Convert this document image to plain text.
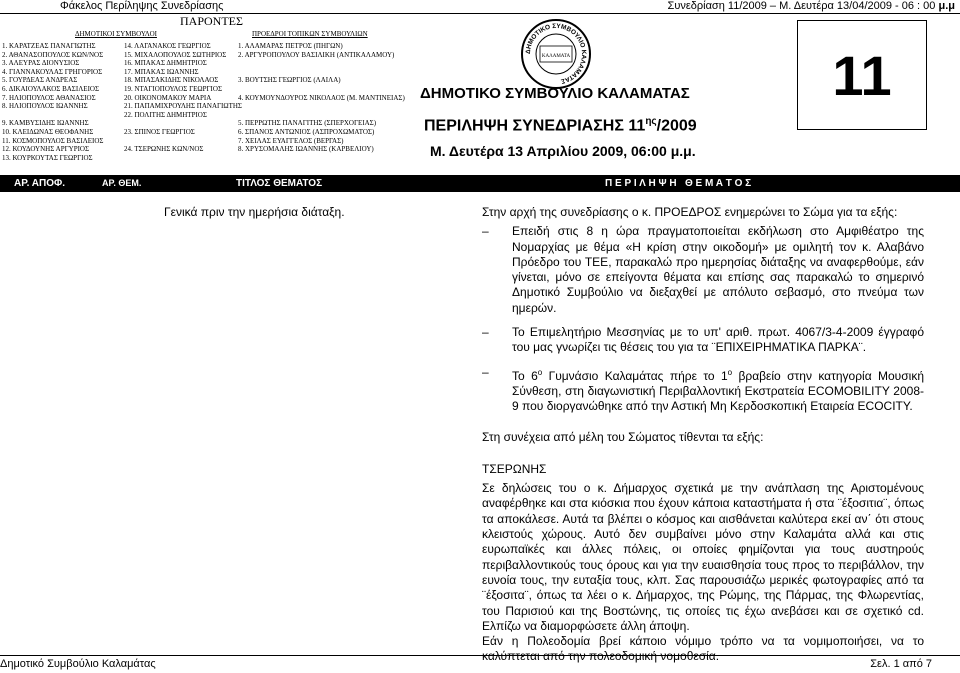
Φάκελος Περίληψης Συνεδρίασης	Συνεδρίαση 11/2009 – Μ. Δευτέρα 13/04/2009 - 06 : 00 μ.μ
ΠΑΡΟΝΤΕΣ
ΔΗΜΟΤΙΚΟΙ ΣΥΜΒΟΥΛΟΙ	ΠΡΟΕΔΡΟΙ ΤΟΠΙΚΩΝ ΣΥΜΒΟΥΛΙΩΝ
1. ΚΑΡΑΤΖΕΑΣ ΠΑΝΑΓΙΩΤΗΣ
2. ΑΘΑΝΑΣΟΠΟΥΛΟΣ ΚΩΝ/ΝΟΣ
3. ΑΛΕΥΡΑΣ ΔΙΟΝΥΣΙΟΣ
4. ΓΙΑΝΝΑΚΟΥΛΑΣ ΓΡΗΓΟΡΙΟΣ
5. ΓΟΥΡΔΕΑΣ ΑΝΔΡΕΑΣ
6. ΔΙΚΑΙΟΥΛΑΚΟΣ ΒΑΣΙΛΕΙΟΣ
7. ΗΛΙΟΠΟΥΛΟΣ ΑΘΑΝΑΣΙΟΣ
8. ΗΛΙΟΠΟΥΛΟΣ ΙΩΑΝΝΗΣ

9. ΚΑΜΒΥΣΙΔΗΣ ΙΩΑΝΝΗΣ
10. ΚΛΕΙΔΩΝΑΣ ΘΕΟΦΑΝΗΣ
11. ΚΟΣΜΟΠΟΥΛΟΣ ΒΑΣΙΛΕΙΟΣ
12. ΚΟΥΔΟΥΝΗΣ ΑΡΓΥΡΙΟΣ
13. ΚΟΥΡΚΟΥΤΑΣ ΓΕΩΡΓΙΟΣ
14. ΛΑΓΑΝΑΚΟΣ ΓΕΩΡΓΙΟΣ
15. ΜΙΧΑΛΟΠΟΥΛΟΣ ΣΩΤΗΡΙΟΣ
16. ΜΠΑΚΑΣ ΔΗΜΗΤΡΙΟΣ
17. ΜΠΑΚΑΣ ΙΩΑΝΝΗΣ
18. ΜΠΑΣΑΚΙΔΗΣ ΝΙΚΟΛΑΟΣ
19. ΝΤΑΓΙΟΠΟΥΛΟΣ ΓΕΩΡΓΙΟΣ
20. ΟΙΚΟΝΟΜΑΚΟΥ ΜΑΡΙΑ
21. ΠΑΠΑΜΙΧΡΟΥΛΗΣ ΠΑΝΑΓΙΩΤΗΣ
22. ΠΟΛΙΤΗΣ ΔΗΜΗΤΡΙΟΣ

23. ΣΠΙΝΟΣ ΓΕΩΡΓΙΟΣ

24. ΤΣΕΡΩΝΗΣ ΚΩΝ/ΝΟΣ
1. ΑΛΑΜΑΡΑΣ ΠΕΤΡΟΣ (ΠΗΓΩΝ)
2. ΑΡΓΥΡΟΠΟΥΛΟΥ ΒΑΣΙΛΙΚΗ (ΑΝΤΙΚΑΛΑΜΟΥ)

3. ΒΟΥΤΣΗΣ ΓΕΩΡΓΙΟΣ (ΛΑΙΛΑ)

4. ΚΟΥΜΟΥΝΔΟΥΡΟΣ ΝΙΚΟΛΑΟΣ (Μ. ΜΑΝΤΙΝΕΙΑΣ)

5. ΠΕΡΡΩΤΗΣ ΠΑΝΑΓΙΤΗΣ (ΣΠΕΡΧΟΓΕΙΑΣ)
6. ΣΠΑΝΟΣ ΑΝΤΩΝΙΟΣ (ΑΣΠΡΟΧΩΜΑΤΟΣ)
7. ΧΕΙΛΑΣ ΕΥΑΓΓΕΛΟΣ (ΒΕΡΓΑΣ)
8. ΧΡΥΣΟΜΑΛΗΣ ΙΩΑΝΝΗΣ (ΚΑΡΒΕΛΙΟΥ)
ΔΗΜΟΤΙΚΟ ΣΥΜΒΟΥΛΙΟ ΚΑΛΑΜΑΤΑΣ
ΚΑΛΑΜΑΤΑ
ΔΗΜΟΤΙΚΟ ΣΥΜΒΟΥΛΙΟ ΚΑΛΑΜΑΤΑΣ
ΠΕΡΙΛΗΨΗ ΣΥΝΕΔΡΙΑΣΗΣ $11^{\eta\varsigma}/2009$
Μ. Δευτέρα 13 Απριλίου 2009, 06:00 μ.μ.
11
ΑΡ. ΑΠΟΦ.	ΑΡ. ΘΕΜ.	ΤΙΤΛΟΣ ΘΕΜΑΤΟΣ	Π Ε Ρ Ι Λ Η Ψ Η   Θ Ε Μ Α Τ Ο Σ
Γενικά πριν την ημερήσια διάταξη.	Στην αρχή της συνεδρίασης ο κ. ΠΡΟΕΔΡΟΣ ενημερώνει το Σώμα για τα εξής:

– Επειδή στις 8 η ώρα πραγματοποιείται εκδήλωση στο Αμφιθέατρο της Νομαρχίας με θέμα «Η κρίση στην οικοδομή» με ομιλητή τον κ. Αλαβάνο Πρόεδρο του ΤΕΕ, παρακαλώ προ ημερησίας διάταξης να αναφερθούμε, εάν γίνεται, μόνο σε επείγοντα θέματα και επίσης σας παρακαλώ το σημερινό Δημοτικό Συμβούλιο να διεξαχθεί με απόλυτο σεβασμό, στο πνεύμα των ημερών.

– Το Επιμελητήριο Μεσσηνίας με το υπ' αριθ. πρωτ. 4067/3-4-2009 έγγραφό του μας γνωρίζει τις θέσεις του για τα ¨ΕΠΙΧΕΙΡΗΜΑΤΙΚΑ ΠΑΡΚΑ¨.

– Το $6^o$ Γυμνάσιο Καλαμάτας πήρε το $1^o$ βραβείο στην κατηγορία Μουσική Σύνθεση, στη διαγωνιστική Περιβαλλοντική Εκστρατεία ECOMOBILITY 2008-9 που διοργανώθηκε από την Αστική Μη Κερδοσκοπική Εταιρεία ECOCITY.

Στη συνέχεια από μέλη του Σώματος τίθενται τα εξής:

ΤΣΕΡΩΝΗΣ

Σε δηλώσεις του ο κ. Δήμαρχος σχετικά με την ανάπλαση της Αριστομένους αναφέρθηκε και στα κιόσκια που έχουν κάποια καταστήματα ή στα ¨έξοσιτια¨, όπως τα αποκάλεσε. Αυτά τα βλέπει ο κόσμος και αισθάνεται καλύτερα εκεί αν΄ ότι στους κλειστούς χώρους. Αυτό δεν συμβαίνει μόνο στην Καλαμάτα αλλά και στις ευρωπαϊκές και άλλες πόλεις, οι οποίες φημίζονται για τους αυστηρούς περιβαλλοντικούς τους όρους και για την ευαισθησία τους προς το περιβάλλον, την ευνοία τους, την ευταξία τους, κλπ. Σας παρουσιάζω μερικές φωτογραφίες από τα ¨έξοσιτα¨, όπως τα λέει ο κ. Δήμαρχος, της Ρώμης, της Πάρμας, της Φλωρεντίας, του Παρισιού και της Βοστώνης, τις οποίες τις έχω ανεβάσει και σε σχετικό cd. Ελπίζω να διαμορφώσετε άλλη άποψη.

Εάν η Πολεοδομία βρεί κάποιο νόμιμο τρόπο να τα νομιμοποιήσει, να το καλύπτεται από την πολεοδομική νομοθεσία.

Δημοτικό Συμβούλιο Καλαμάτας	Σελ. 1 από 7
